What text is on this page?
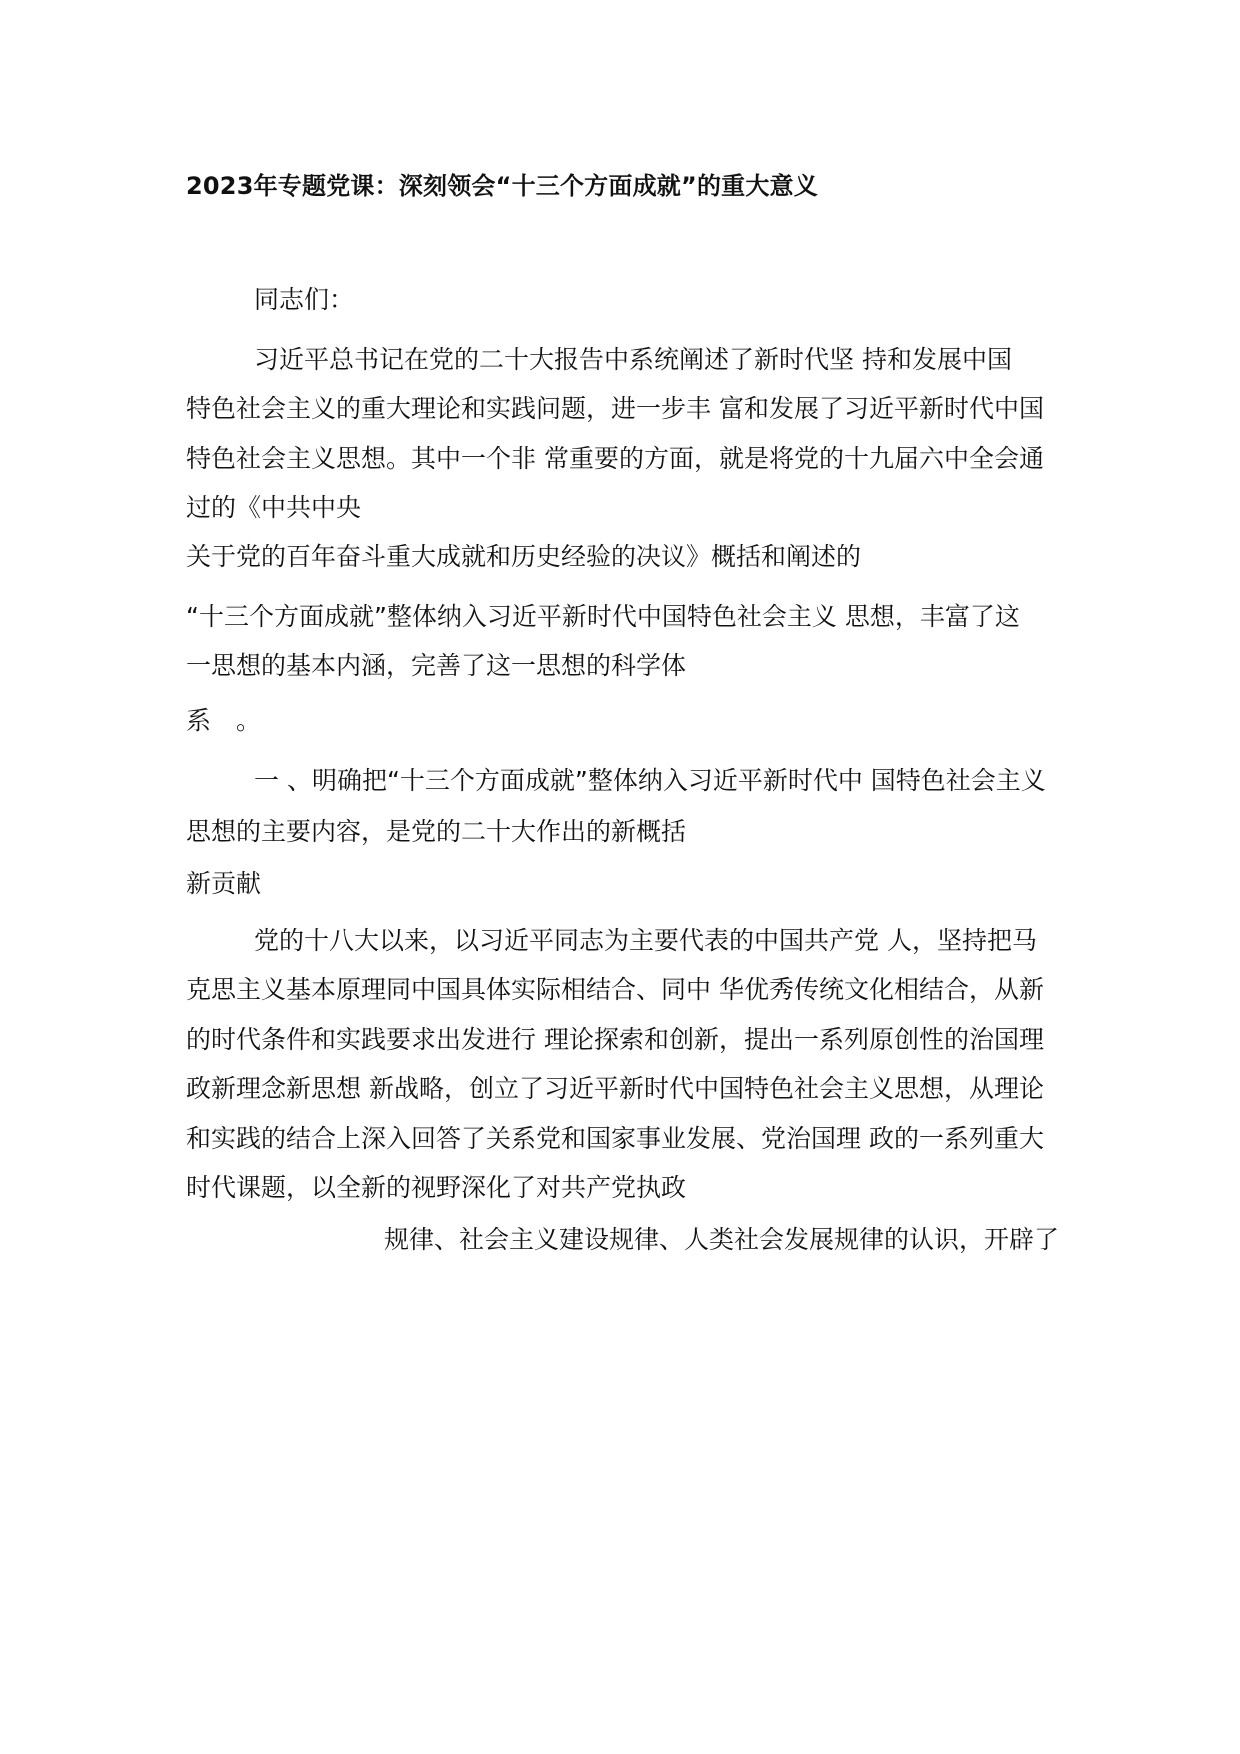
2023年专题党课：深刻领会“十三个方面成就”的重大意义
同志们：
习近平总书记在党的二十大报告中系统阐述了新时代坚 持和发展中国
特色社会主义的重大理论和实践问题，进一步丰 富和发展了习近平新时代中国
特色社会主义思想。其中一个非 常重要的方面，就是将党的十九届六中全会通
过的《中共中央
关于党的百年奋斗重大成就和历史经验的决议》概括和阐述的
“十三个方面成就”整体纳入习近平新时代中国特色社会主义 思想，丰富了这
一思想的基本内涵，完善了这一思想的科学体
系　。
一 、明确把“十三个方面成就”整体纳入习近平新时代中 国特色社会主义
思想的主要内容，是党的二十大作出的新概括
新贡献
党的十八大以来，以习近平同志为主要代表的中国共产党 人，坚持把马
克思主义基本原理同中国具体实际相结合、同中 华优秀传统文化相结合，从新
的时代条件和实践要求出发进行 理论探索和创新，提出一系列原创性的治国理
政新理念新思想 新战略，创立了习近平新时代中国特色社会主义思想，从理论
和实践的结合上深入回答了关系党和国家事业发展、党治国理 政的一系列重大
时代课题，以全新的视野深化了对共产党执政
规律、社会主义建设规律、人类社会发展规律的认识，开辟了
